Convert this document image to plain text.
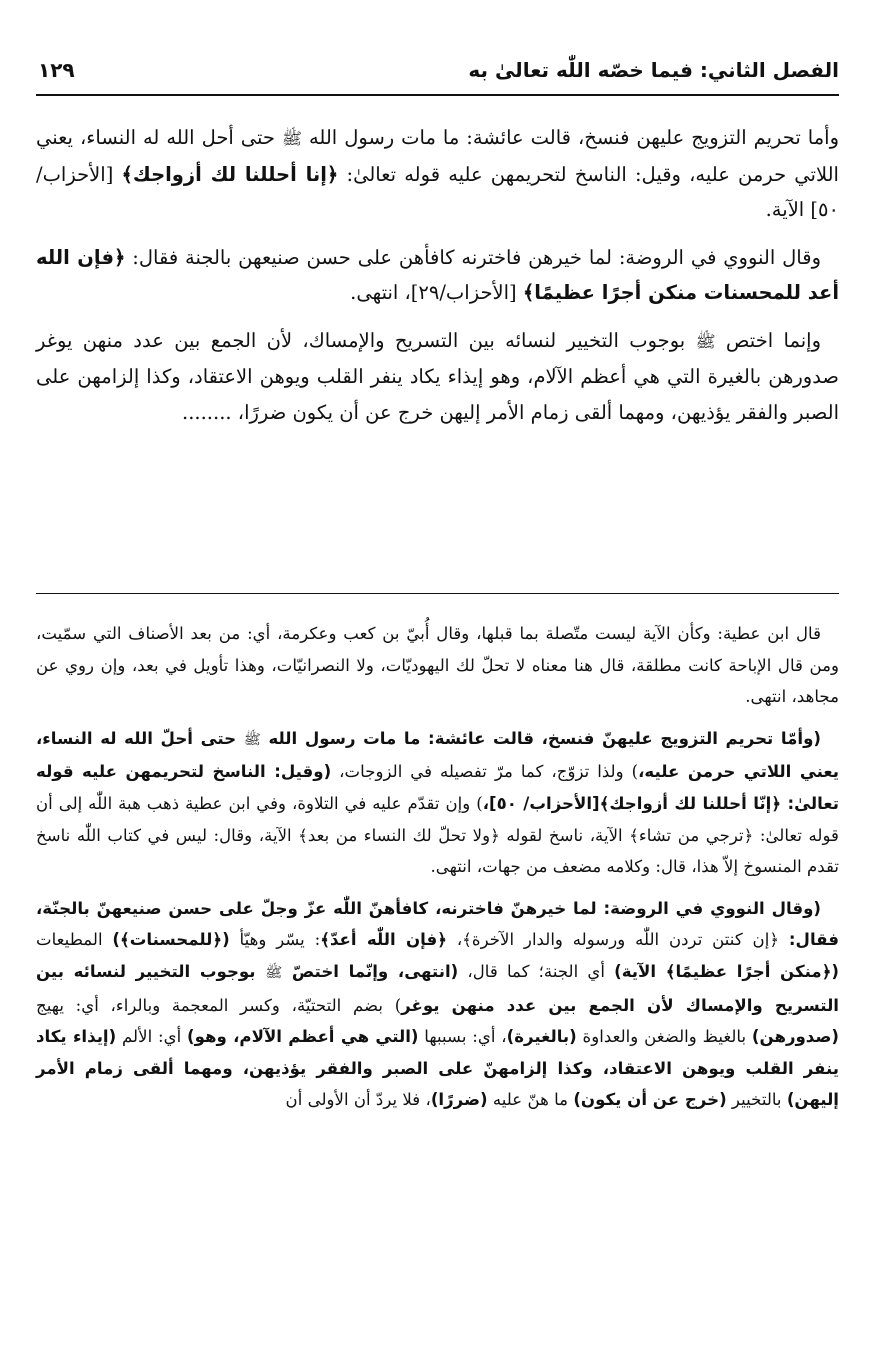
الفصل الثاني: فيما خصّه اللّٰه تعالىٰ به
١٢٩

وأما تحريم التزويج عليهن فنسخ، قالت عائشة: ما مات رسول الله ﷺ حتى أحل الله له النساء، يعني اللاتي حرمن عليه، وقيل: الناسخ لتحريمهن عليه قوله تعالىٰ: ﴿إنا أحللنا لك أزواجك﴾ [الأحزاب/٥٠] الآية.

وقال النووي في الروضة: لما خيرهن فاخترنه كافأهن على حسن صنيعهن بالجنة فقال: ﴿فإن الله أعد للمحسنات منكن أجرًا عظيمًا﴾ [الأحزاب/٢٩]، انتهى.

وإنما اختص ﷺ بوجوب التخيير لنسائه بين التسريح والإمساك، لأن الجمع بين عدد منهن يوغر صدورهن بالغيرة التي هي أعظم الآلام، وهو إيذاء يكاد ينفر القلب ويوهن الاعتقاد، وكذا إلزامهن على الصبر والفقر يؤذيهن، ومهما ألقى زمام الأمر إليهن خرج عن أن يكون ضررًا، ........

قال ابن عطية: وكأن الآية ليست متّصلة بما قبلها، وقال أُبيّ بن كعب وعكرمة، أي: من بعد الأصناف التي سمّيت، ومن قال الإباحة كانت مطلقة، قال هنا معناه لا تحلّ لك اليهوديّات، ولا النصرانيّات، وهذا تأويل في بعد، وإن روي عن مجاهد، انتهى.

(وأمّا تحريم التزويج عليهنّ فنسخ، قالت عائشة: ما مات رسول الله ﷺ حتى أحلّ الله له النساء، يعني اللاتي حرمن عليه،) ولذا تزوّج، كما مرّ تفصيله في الزوجات، (وقيل: الناسخ لتحريمهن عليه قوله تعالىٰ: ﴿إنّا أحللنا لك أزواجك﴾[الأحزاب/ ٥٠]،) وإن تقدّم عليه في التلاوة، وفي ابن عطية ذهب هبة اللّٰه إلى أن قوله تعالىٰ: ﴿ترجي من تشاء﴾ الآية، ناسخ لقوله ﴿ولا تحلّ لك النساء من بعد﴾ الآية، وقال: ليس في كتاب اللّٰه ناسخ تقدم المنسوخ إلاّ هذا، قال: وكلامه مضعف من جهات، انتهى.

(وقال النووي في الروضة: لما خيرهنّ فاخترنه، كافأهنّ اللّٰه عزّ وجلّ على حسن صنيعهنّ بالجنّة، فقال: ﴿إن كنتن تردن اللّٰه ورسوله والدار الآخرة﴾، ﴿فإن اللّٰه أعدّ﴾: يسّر وهيّأ (﴿للمحسنات﴾) المطيعات (﴿منكن أجرًا عظيمًا﴾ الآية) أي الجنة؛ كما قال، (انتهى، وإنّما اختصّ ﷺ بوجوب التخيير لنسائه بين التسريح والإمساك لأن الجمع بين عدد منهن يوغر) بضم التحتيّة، وكسر المعجمة وبالراء، أي: يهيج (صدورهن) بالغيظ والضغن والعداوة (بالغيرة)، أي: بسببها (التي هي أعظم الآلام، وهو) أي: الألم (إيذاء يكاد ينفر القلب ويوهن الاعتقاد، وكذا إلزامهنّ على الصبر والفقر يؤذيهن، ومهما ألقى زمام الأمر إليهن) بالتخيير (خرج عن أن يكون) ما هنّ عليه (ضررًا)، فلا يردّ أن الأولى أن
